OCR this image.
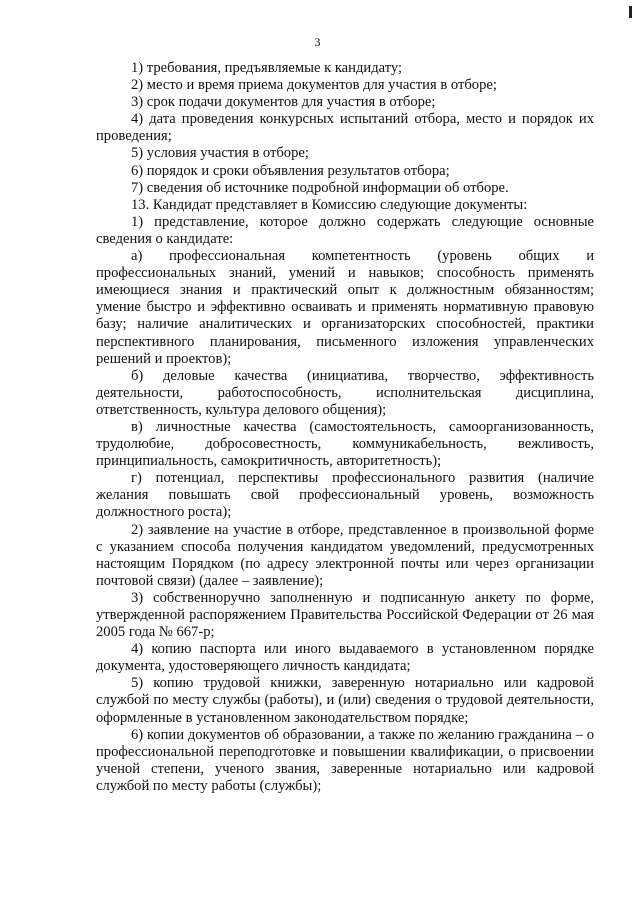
3

1) требования, предъявляемые к кандидату;

2) место и время приема документов для участия в отборе;

3) срок подачи документов для участия в отборе;

4) дата проведения конкурсных испытаний отбора, место и порядок их проведения;

5) условия участия в отборе;

6) порядок и сроки объявления результатов отбора;

7) сведения об источнике подробной информации об отборе.

13. Кандидат представляет в Комиссию следующие документы:

1) представление, которое должно содержать следующие основные сведения о кандидате:

а) профессиональная компетентность (уровень общих и профессиональных знаний, умений и навыков; способность применять имеющиеся знания и практический опыт к должностным обязанностям; умение быстро и эффективно осваивать и применять нормативную правовую базу; наличие аналитических и организаторских способностей, практики перспективного планирования, письменного изложения управленческих решений и проектов);

б) деловые качества (инициатива, творчество, эффективность деятельности, работоспособность, исполнительская дисциплина, ответственность, культура делового общения);

в) личностные качества (самостоятельность, самоорганизованность, трудолюбие, добросовестность, коммуникабельность, вежливость, принципиальность, самокритичность, авторитетность);

г) потенциал, перспективы профессионального развития (наличие желания повышать свой профессиональный уровень, возможность должностного роста);

2) заявление на участие в отборе, представленное в произвольной форме с указанием способа получения кандидатом уведомлений, предусмотренных настоящим Порядком (по адресу электронной почты или через организации почтовой связи) (далее – заявление);

3) собственноручно заполненную и подписанную анкету по форме, утвержденной распоряжением Правительства Российской Федерации от 26 мая 2005 года № 667-р;

4) копию паспорта или иного выдаваемого в установленном порядке документа, удостоверяющего личность кандидата;

5) копию трудовой книжки, заверенную нотариально или кадровой службой по месту службы (работы), и (или) сведения о трудовой деятельности, оформленные в установленном законодательством порядке;

6) копии документов об образовании, а также по желанию гражданина – о профессиональной переподготовке и повышении квалификации, о присвоении ученой степени, ученого звания, заверенные нотариально или кадровой службой по месту работы (службы);
